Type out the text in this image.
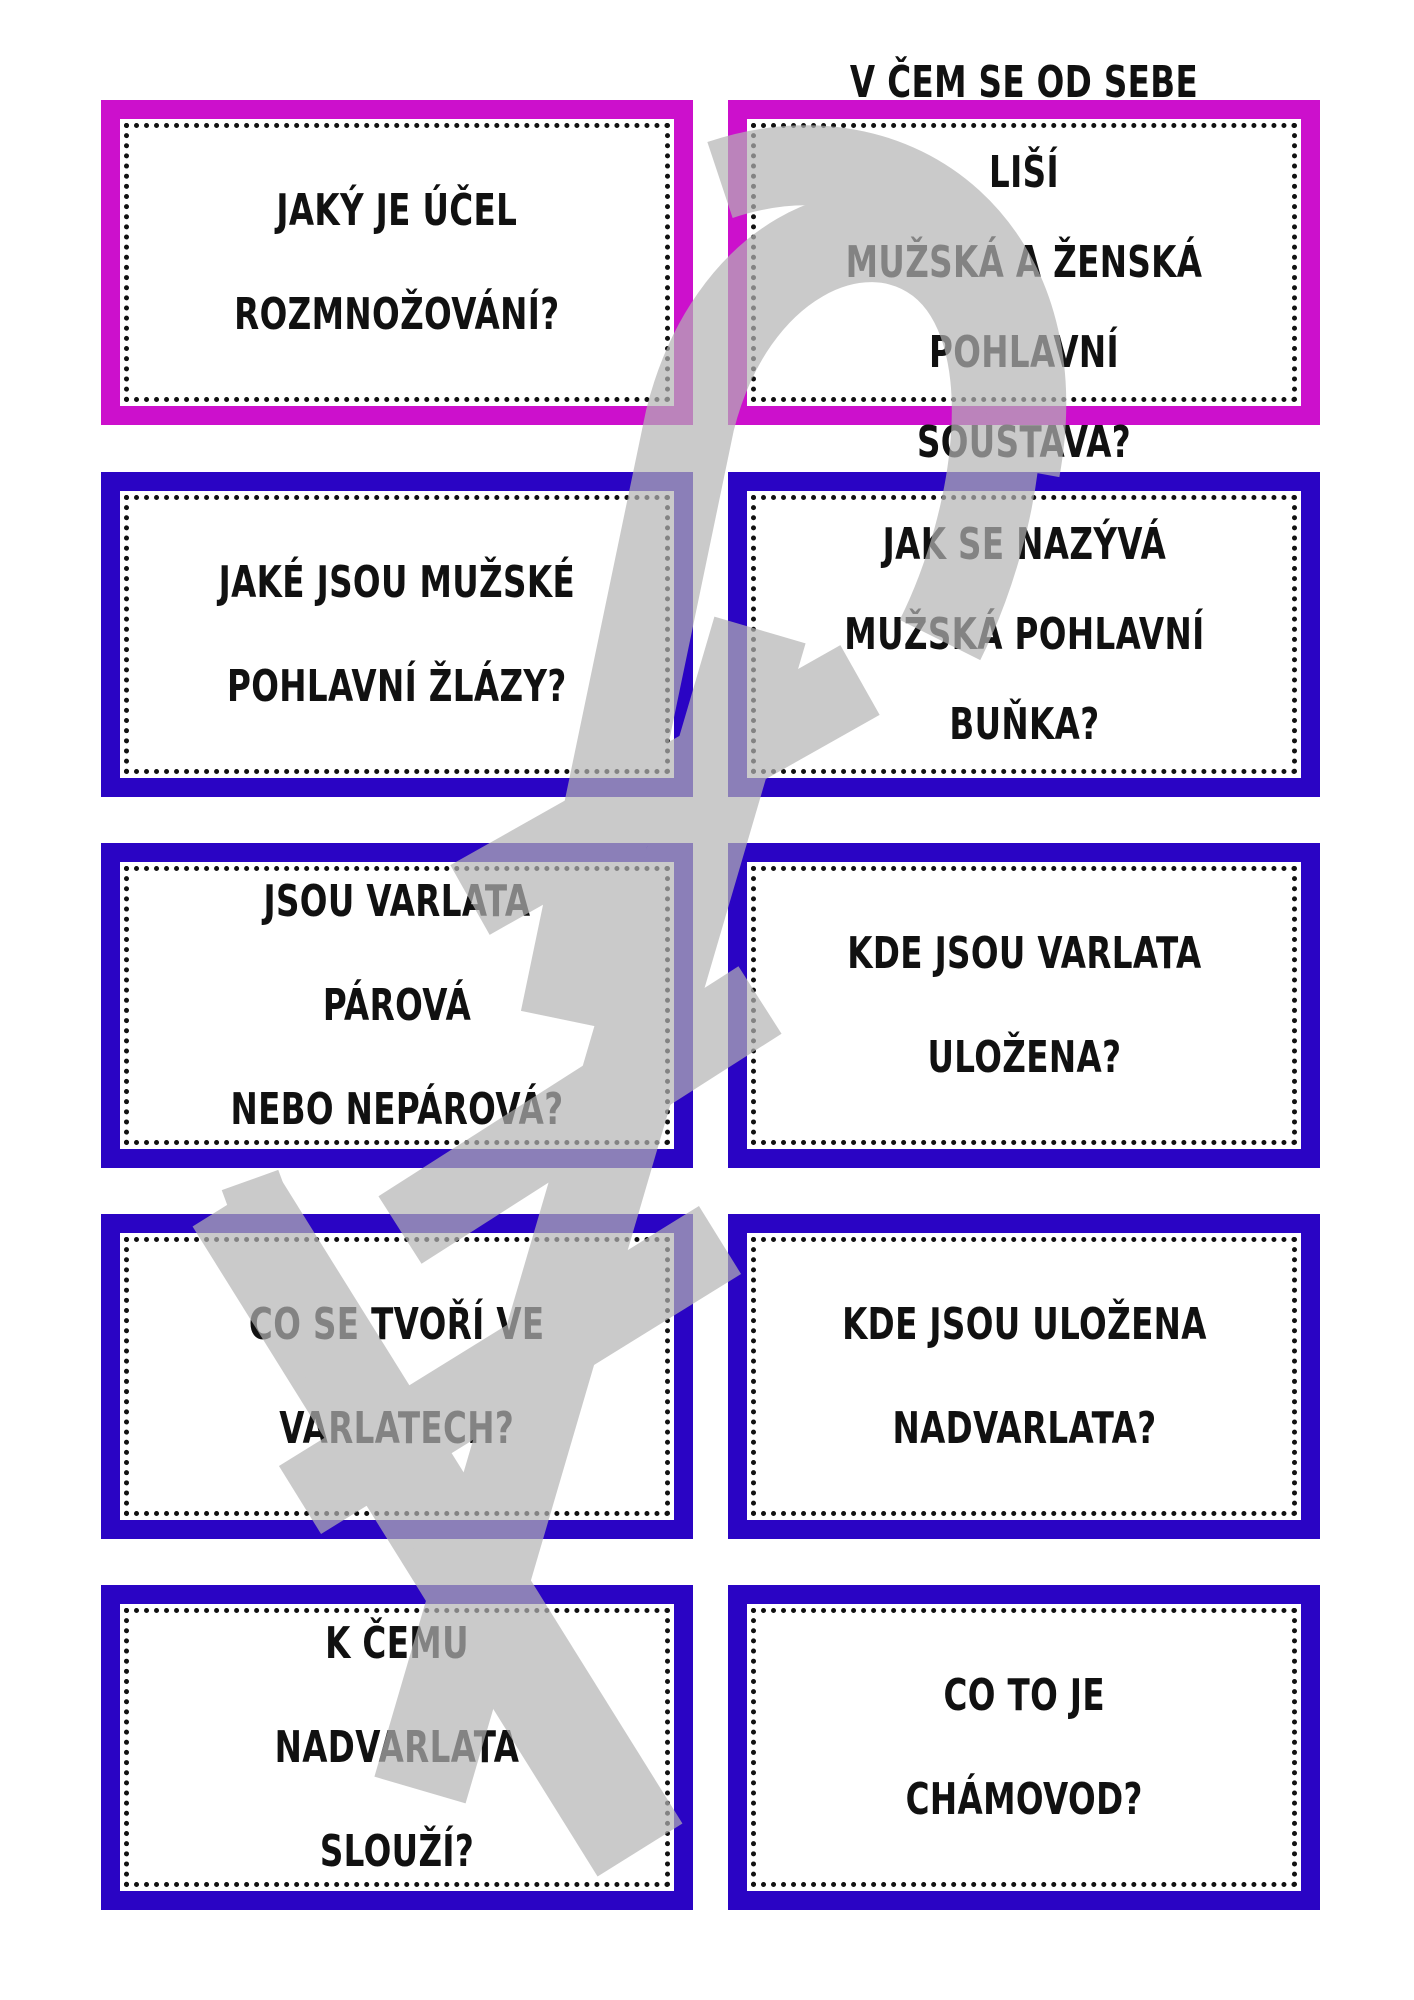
JAKÝ JE ÚČEL
ROZMNOŽOVÁNÍ?
V ČEM SE OD SEBE LIŠÍ
MUŽSKÁ A ŽENSKÁ
POHLAVNÍ SOUSTAVA?
JAKÉ JSOU MUŽSKÉ
POHLAVNÍ ŽLÁZY?
JAK SE NAZÝVÁ
MUŽSKÁ POHLAVNÍ
BUŇKA?
JSOU VARLATA PÁROVÁ
NEBO NEPÁROVÁ?
KDE JSOU VARLATA
ULOŽENA?
CO SE TVOŘÍ VE
VARLATECH?
KDE JSOU ULOŽENA
NADVARLATA?
K ČEMU NADVARLATA
SLOUŽÍ?
CO TO JE
CHÁMOVOD?
